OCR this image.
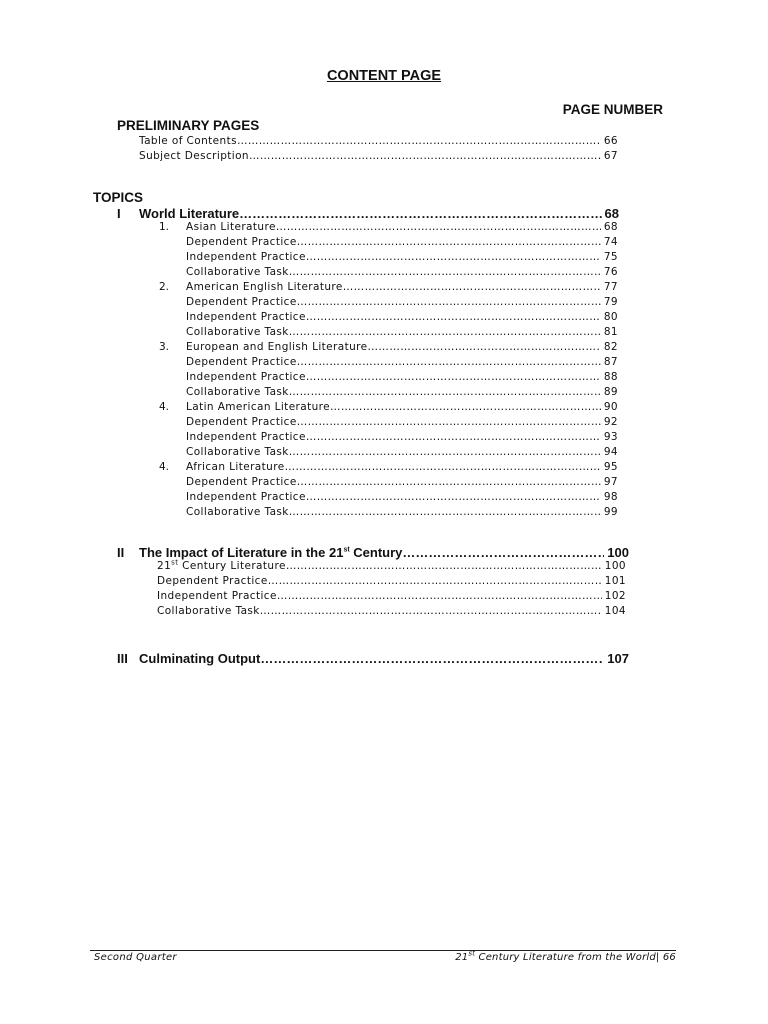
CONTENT PAGE
PAGE NUMBER
PRELIMINARY PAGES
Table of Contents ………………………………………………………………………………………………………………………………………………………………………………………………	66
Subject Description ………………………………………………………………………………………………………………………………………………………………………………………………	67
TOPICS
I World Literature ………………………………………………………………………………………………………………………………………………………………………………………………	68
1. Asian Literature ………………………………………………………………………………………………………………………………………………………………………………………………	68
Dependent Practice ………………………………………………………………………………………………………………………………………………………………………………………………	74
Independent Practice ………………………………………………………………………………………………………………………………………………………………………………………………	75
Collaborative Task ………………………………………………………………………………………………………………………………………………………………………………………………	76
2. American English Literature ………………………………………………………………………………………………………………………………………………………………………………………………	77
Dependent Practice ………………………………………………………………………………………………………………………………………………………………………………………………	79
Independent Practice ………………………………………………………………………………………………………………………………………………………………………………………………	80
Collaborative Task ………………………………………………………………………………………………………………………………………………………………………………………………	81
3. European and English Literature ………………………………………………………………………………………………………………………………………………………………………………………………	82
Dependent Practice ………………………………………………………………………………………………………………………………………………………………………………………………	87
Independent Practice ………………………………………………………………………………………………………………………………………………………………………………………………	88
Collaborative Task ………………………………………………………………………………………………………………………………………………………………………………………………	89
4. Latin American Literature ………………………………………………………………………………………………………………………………………………………………………………………………	90
Dependent Practice ………………………………………………………………………………………………………………………………………………………………………………………………	92
Independent Practice ………………………………………………………………………………………………………………………………………………………………………………………………	93
Collaborative Task ………………………………………………………………………………………………………………………………………………………………………………………………	94
4. African Literature ………………………………………………………………………………………………………………………………………………………………………………………………	95
Dependent Practice ………………………………………………………………………………………………………………………………………………………………………………………………	97
Independent Practice ………………………………………………………………………………………………………………………………………………………………………………………………	98
Collaborative Task ………………………………………………………………………………………………………………………………………………………………………………………………	99
II The Impact of Literature in the 21st Century ………………………………………………………………………………………………………………………………………………………………………………………………	100
21st Century Literature ………………………………………………………………………………………………………………………………………………………………………………………………	100
Dependent Practice ………………………………………………………………………………………………………………………………………………………………………………………………	101
Independent Practice ………………………………………………………………………………………………………………………………………………………………………………………………	102
Collaborative Task ………………………………………………………………………………………………………………………………………………………………………………………………	104
III Culminating Output ………………………………………………………………………………………………………………………………………………………………………………………………	107
Second Quarter	21st Century Literature from the World| 66
